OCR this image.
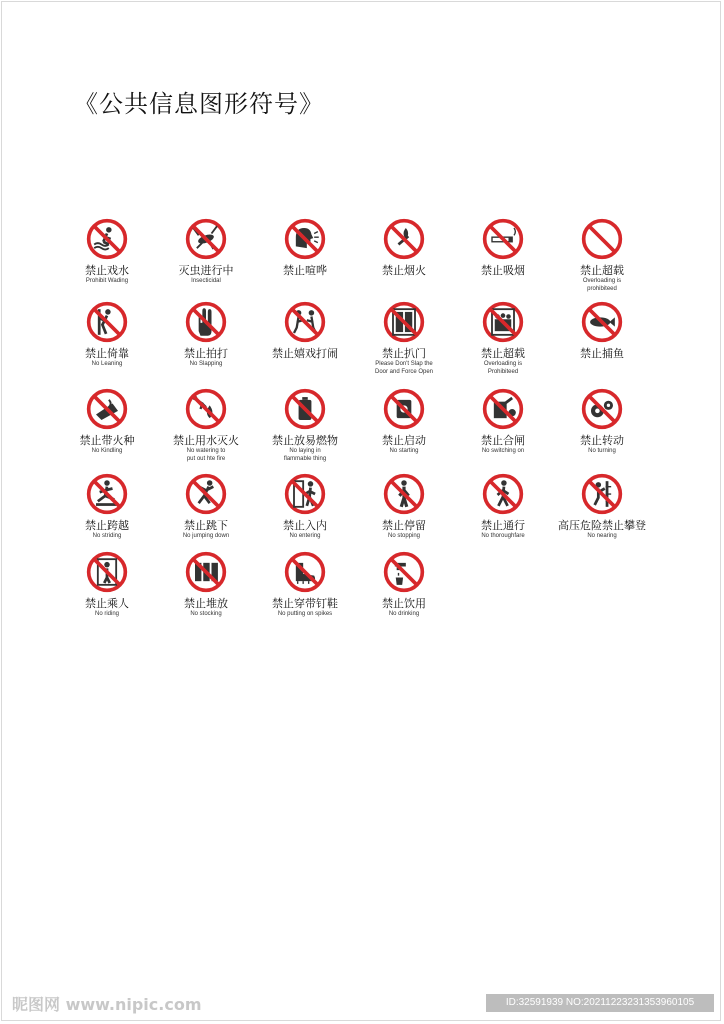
《公共信息图形符号》
禁止戏水
Prohibit Wading
灭虫进行中
Insecticidal
禁止喧哗	禁止烟火	禁止吸烟	禁止超载
Overloading is
prohibiteed
禁止倚靠
No Leaning
禁止拍打
No Slapping
禁止嬉戏打闹	禁止扒门
Please Don't Slap the
Door and Force Open
禁止超载
Overloading is
Prohibiteed
禁止捕鱼
禁止带火种
No Kindling
禁止用水灭火
No watering to
put out hte fire
禁止放易燃物
No laying in
flammable thing
禁止启动
No starting
禁止合闸
No switching on
禁止转动
No turning
禁止跨越
No striding
禁止跳下
No jumping down
禁止入内
No entering
禁止停留
No stopping
禁止通行
No thoroughfare
高压危险禁止攀登
No nearing
禁止乘人
No riding
禁止堆放
No stocking
禁止穿带钉鞋
No putting on spikes
禁止饮用
No drinking
昵图网 www.nipic.com	ID:32591939 NO:20211223231353960105
